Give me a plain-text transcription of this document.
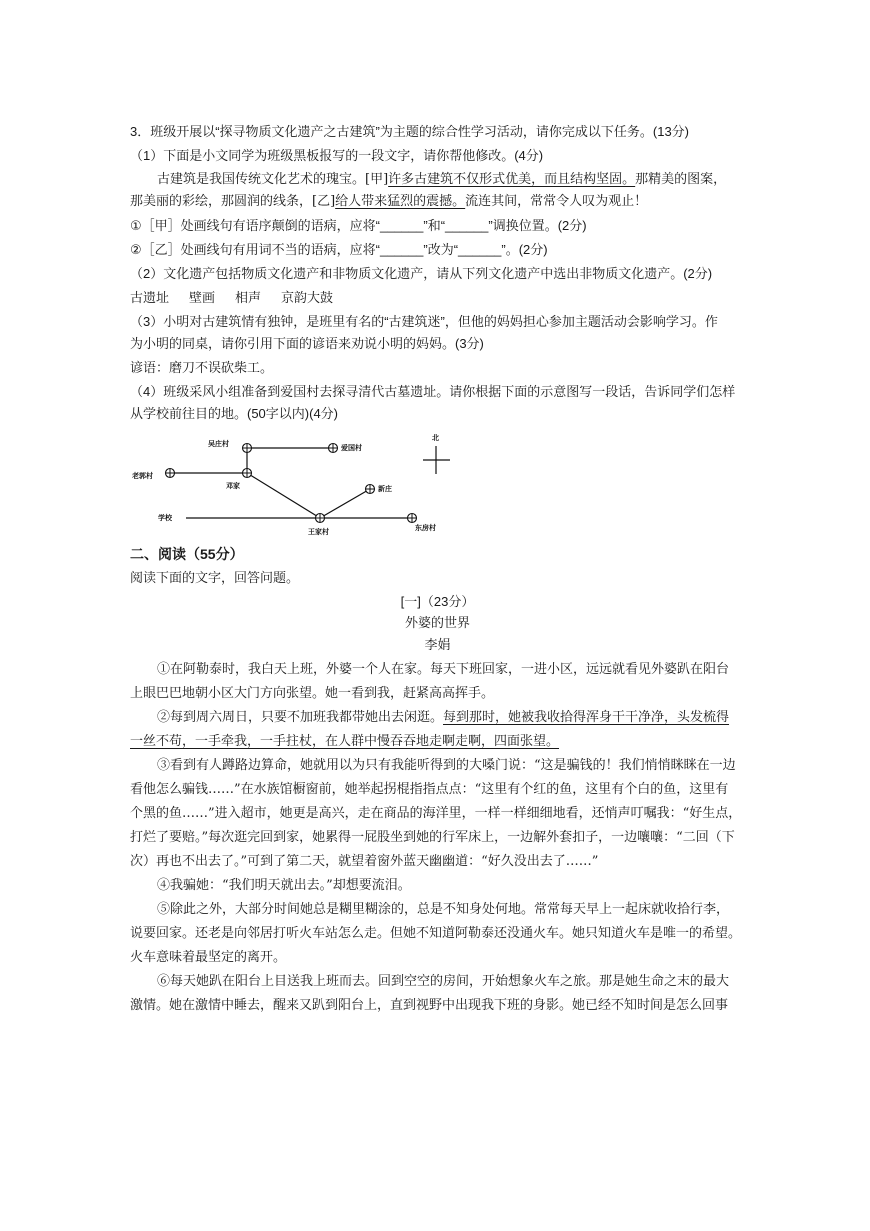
3．班级开展以“探寻物质文化遗产之古建筑”为主题的综合性学习活动，请你完成以下任务。(13分)
（1）下面是小文同学为班级黑板报写的一段文字，请你帮他修改。(4分)
古建筑是我国传统文化艺术的瑰宝。[甲]许多古建筑不仅形式优美，而且结构坚固。那精美的图案，
那美丽的彩绘，那圆润的线条，[乙]给人带来猛烈的震撼。流连其间，常常令人叹为观止！
①［甲］处画线句有语序颠倒的语病，应将“______”和“______”调换位置。(2分)
②［乙］处画线句有用词不当的语病，应将“______”改为“______”。(2分)
（2）文化遗产包括物质文化遗产和非物质文化遗产，请从下列文化遗产中选出非物质文化遗产。(2分)
古遗址 壁画 相声 京韵大鼓
（3）小明对古建筑情有独钟，是班里有名的“古建筑迷”，但他的妈妈担心参加主题活动会影响学习。作
为小明的同桌，请你引用下面的谚语来劝说小明的妈妈。(3分)
谚语：磨刀不误砍柴工。
（4）班级采风小组准备到爱国村去探寻清代古墓遗址。请你根据下面的示意图写一段话，告诉同学们怎样
从学校前往目的地。(50字以内)(4分)
吴庄村
爱国村
老郭村
邓家	新庄
学校
王家村
东房村
北
二、阅读（55分）
阅读下面的文字，回答问题。
[一]（23分）
外婆的世界
李娟
①在阿勒泰时，我白天上班，外婆一个人在家。每天下班回家，一进小区，远远就看见外婆趴在阳台
上眼巴巴地朝小区大门方向张望。她一看到我，赶紧高高挥手。
②每到周六周日，只要不加班我都带她出去闲逛。每到那时，她被我收拾得浑身干干净净，头发梳得
一丝不苟，一手牵我，一手拄杖，在人群中慢吞吞地走啊走啊，四面张望。
③看到有人蹲路边算命，她就用以为只有我能听得到的大嗓门说：“这是骗钱的！我们悄悄眯眯在一边
看他怎么骗钱……”在水族馆橱窗前，她举起拐棍指指点点：“这里有个红的鱼，这里有个白的鱼，这里有
个黑的鱼……”进入超市，她更是高兴，走在商品的海洋里，一样一样细细地看，还悄声叮嘱我：“好生点，
打烂了要赔。”每次逛完回到家，她累得一屁股坐到她的行军床上，一边解外套扣子，一边嚷嚷：“二回（下
次）再也不出去了。”可到了第二天，就望着窗外蓝天幽幽道：“好久没出去了……”
④我骗她：“我们明天就出去。”却想要流泪。
⑤除此之外，大部分时间她总是糊里糊涂的，总是不知身处何地。常常每天早上一起床就收拾行李，
说要回家。还老是向邻居打听火车站怎么走。但她不知道阿勒泰还没通火车。她只知道火车是唯一的希望。
火车意味着最坚定的离开。
⑥每天她趴在阳台上目送我上班而去。回到空空的房间，开始想象火车之旅。那是她生命之末的最大
激情。她在激情中睡去，醒来又趴到阳台上，直到视野中出现我下班的身影。她已经不知时间是怎么回事
